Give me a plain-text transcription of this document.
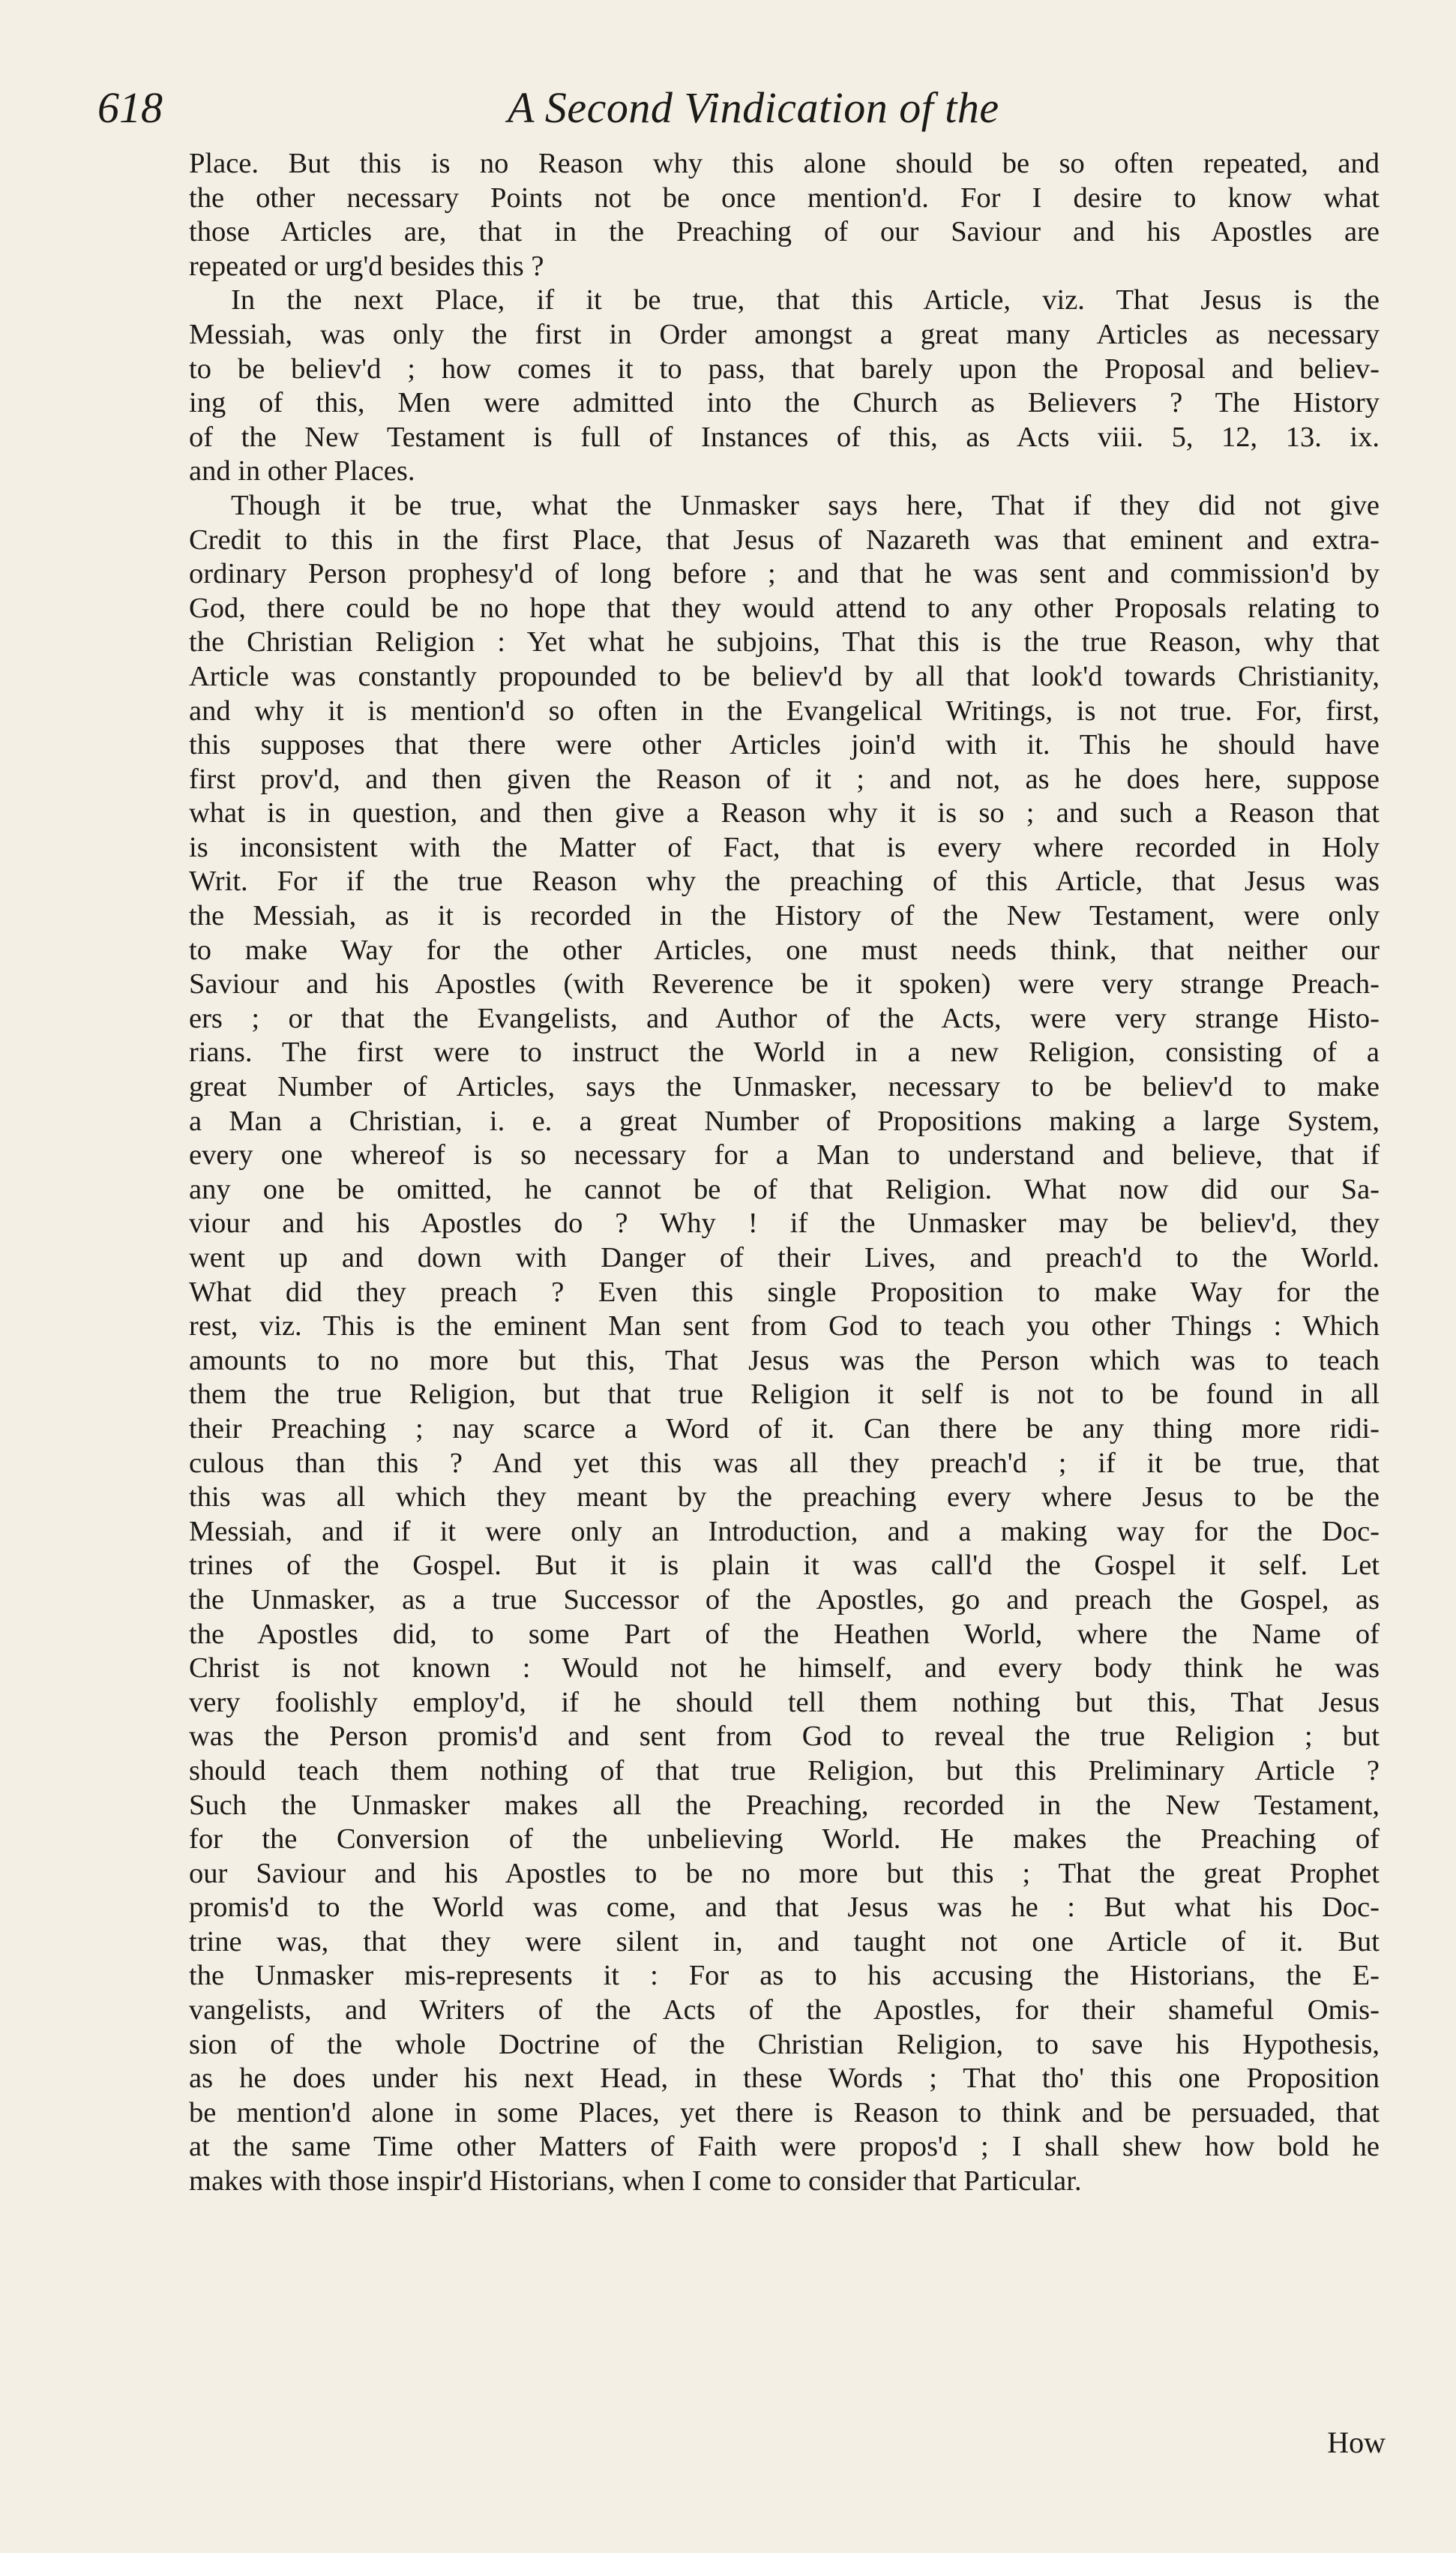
618	A Second Vindication of the

Place. But this is no Reason why this alone should be so often repeated, and
the other necessary Points not be once mention'd. For I desire to know what
those Articles are, that in the Preaching of our Saviour and his Apostles are
repeated or urg'd besides this ?

In the next Place, if it be true, that this Article, viz. That Jesus is the
Messiah, was only the first in Order amongst a great many Articles as necessary
to be believ'd ; how comes it to pass, that barely upon the Proposal and believ-
ing of this, Men were admitted into the Church as Believers ? The History
of the New Testament is full of Instances of this, as Acts viii. 5, 12, 13. ix.
and in other Places.

Though it be true, what the Unmasker says here, That if they did not give
Credit to this in the first Place, that Jesus of Nazareth was that eminent and extra-
ordinary Person prophesy'd of long before ; and that he was sent and commission'd by
God, there could be no hope that they would attend to any other Proposals relating to
the Christian Religion : Yet what he subjoins, That this is the true Reason, why that
Article was constantly propounded to be believ'd by all that look'd towards Christianity,
and why it is mention'd so often in the Evangelical Writings, is not true. For, first,
this supposes that there were other Articles join'd with it. This he should have
first prov'd, and then given the Reason of it ; and not, as he does here, suppose
what is in question, and then give a Reason why it is so ; and such a Reason that
is inconsistent with the Matter of Fact, that is every where recorded in Holy
Writ. For if the true Reason why the preaching of this Article, that Jesus was
the Messiah, as it is recorded in the History of the New Testament, were only
to make Way for the other Articles, one must needs think, that neither our
Saviour and his Apostles (with Reverence be it spoken) were very strange Preach-
ers ; or that the Evangelists, and Author of the Acts, were very strange Histo-
rians. The first were to instruct the World in a new Religion, consisting of a
great Number of Articles, says the Unmasker, necessary to be believ'd to make
a Man a Christian, i. e. a great Number of Propositions making a large System,
every one whereof is so necessary for a Man to understand and believe, that if
any one be omitted, he cannot be of that Religion. What now did our Sa-
viour and his Apostles do ? Why ! if the Unmasker may be believ'd, they
went up and down with Danger of their Lives, and preach'd to the World.
What did they preach ? Even this single Proposition to make Way for the
rest, viz. This is the eminent Man sent from God to teach you other Things : Which
amounts to no more but this, That Jesus was the Person which was to teach
them the true Religion, but that true Religion it self is not to be found in all
their Preaching ; nay scarce a Word of it. Can there be any thing more ridi-
culous than this ? And yet this was all they preach'd ; if it be true, that
this was all which they meant by the preaching every where Jesus to be the
Messiah, and if it were only an Introduction, and a making way for the Doc-
trines of the Gospel. But it is plain it was call'd the Gospel it self. Let
the Unmasker, as a true Successor of the Apostles, go and preach the Gospel, as
the Apostles did, to some Part of the Heathen World, where the Name of
Christ is not known : Would not he himself, and every body think he was
very foolishly employ'd, if he should tell them nothing but this, That Jesus
was the Person promis'd and sent from God to reveal the true Religion ; but
should teach them nothing of that true Religion, but this Preliminary Article ?
Such the Unmasker makes all the Preaching, recorded in the New Testament,
for the Conversion of the unbelieving World. He makes the Preaching of
our Saviour and his Apostles to be no more but this ; That the great Prophet
promis'd to the World was come, and that Jesus was he : But what his Doc-
trine was, that they were silent in, and taught not one Article of it. But
the Unmasker mis-represents it : For as to his accusing the Historians, the E-
vangelists, and Writers of the Acts of the Apostles, for their shameful Omis-
sion of the whole Doctrine of the Christian Religion, to save his Hypothesis,
as he does under his next Head, in these Words ; That tho' this one Proposition
be mention'd alone in some Places, yet there is Reason to think and be persuaded, that
at the same Time other Matters of Faith were propos'd ; I shall shew how bold he
makes with those inspir'd Historians, when I come to consider that Particular.

How
